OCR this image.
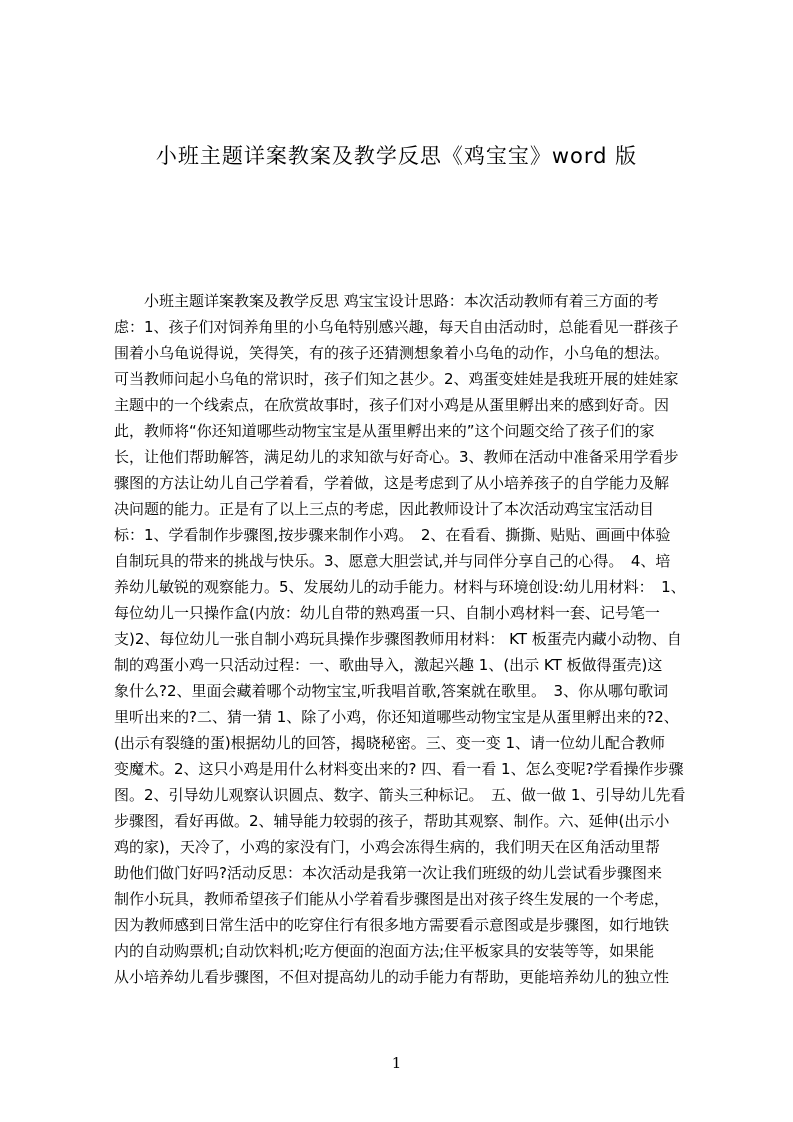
小班主题详案教案及教学反思《鸡宝宝》word 版
　　小班主题详案教案及教学反思 鸡宝宝设计思路：本次活动教师有着三方面的考
虑：1、孩子们对饲养角里的小乌龟特别感兴趣，每天自由活动时，总能看见一群孩子
围着小乌龟说得说，笑得笑，有的孩子还猜测想象着小乌龟的动作，小乌龟的想法。
可当教师问起小乌龟的常识时，孩子们知之甚少。2、鸡蛋变娃娃是我班开展的娃娃家
主题中的一个线索点，在欣赏故事时，孩子们对小鸡是从蛋里孵出来的感到好奇。因
此，教师将“你还知道哪些动物宝宝是从蛋里孵出来的”这个问题交给了孩子们的家
长，让他们帮助解答，满足幼儿的求知欲与好奇心。3、教师在活动中准备采用学看步
骤图的方法让幼儿自己学着看，学着做，这是考虑到了从小培养孩子的自学能力及解
决问题的能力。正是有了以上三点的考虑，因此教师设计了本次活动鸡宝宝活动目
标：1、学看制作步骤图,按步骤来制作小鸡。　2、在看看、撕撕、贴贴、画画中体验
自制玩具的带来的挑战与快乐。3、愿意大胆尝试,并与同伴分享自己的心得。　4、培
养幼儿敏锐的观察能力。5、发展幼儿的动手能力。材料与环境创设:幼儿用材料：　1、
每位幼儿一只操作盒(内放：幼儿自带的熟鸡蛋一只、自制小鸡材料一套、记号笔一
支)2、每位幼儿一张自制小鸡玩具操作步骤图教师用材料： KT 板蛋壳内藏小动物、自
制的鸡蛋小鸡一只活动过程：一、歌曲导入，激起兴趣 1、(出示 KT 板做得蛋壳)这
象什么?2、里面会藏着哪个动物宝宝,听我唱首歌,答案就在歌里。　3、你从哪句歌词
里听出来的?二、猜一猜 1、除了小鸡，你还知道哪些动物宝宝是从蛋里孵出来的?2、
(出示有裂缝的蛋)根据幼儿的回答，揭晓秘密。三、变一变 1、请一位幼儿配合教师
变魔术。2、这只小鸡是用什么材料变出来的? 四、看一看 1、怎么变呢?学看操作步骤
图。2、引导幼儿观察认识圆点、数字、箭头三种标记。　五、做一做 1、引导幼儿先看
步骤图，看好再做。2、辅导能力较弱的孩子，帮助其观察、制作。六、延伸(出示小
鸡的家)，天冷了，小鸡的家没有门，小鸡会冻得生病的，我们明天在区角活动里帮
助他们做门好吗?活动反思：本次活动是我第一次让我们班级的幼儿尝试看步骤图来
制作小玩具，教师希望孩子们能从小学着看步骤图是出对孩子终生发展的一个考虑，
因为教师感到日常生活中的吃穿住行有很多地方需要看示意图或是步骤图，如行地铁
内的自动购票机;自动饮料机;吃方便面的泡面方法;住平板家具的安装等等，如果能
从小培养幼儿看步骤图，不但对提高幼儿的动手能力有帮助，更能培养幼儿的独立性
1
